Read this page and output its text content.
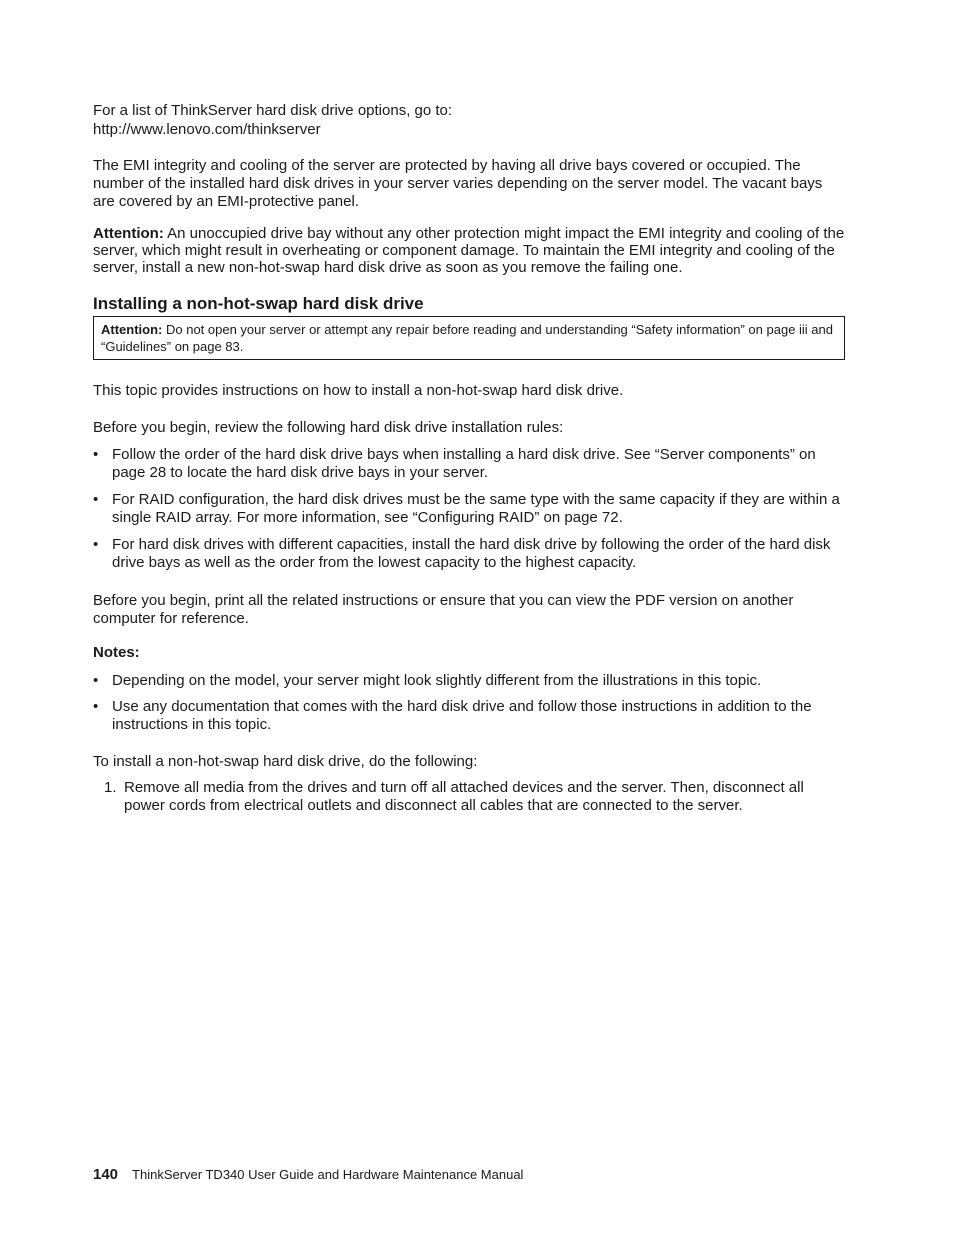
For a list of ThinkServer hard disk drive options, go to:

http://www.lenovo.com/thinkserver

The EMI integrity and cooling of the server are protected by having all drive bays covered or occupied. The number of the installed hard disk drives in your server varies depending on the server model. The vacant bays are covered by an EMI-protective panel.

Attention: An unoccupied drive bay without any other protection might impact the EMI integrity and cooling of the server, which might result in overheating or component damage. To maintain the EMI integrity and cooling of the server, install a new non-hot-swap hard disk drive as soon as you remove the failing one.

Installing a non-hot-swap hard disk drive
Attention: Do not open your server or attempt any repair before reading and understanding “Safety information” on page iii and “Guidelines” on page 83.

This topic provides instructions on how to install a non-hot-swap hard disk drive.

Before you begin, review the following hard disk drive installation rules:

• Follow the order of the hard disk drive bays when installing a hard disk drive. See “Server components” on page 28 to locate the hard disk drive bays in your server.
• For RAID configuration, the hard disk drives must be the same type with the same capacity if they are within a single RAID array. For more information, see “Configuring RAID” on page 72.
• For hard disk drives with different capacities, install the hard disk drive by following the order of the hard disk drive bays as well as the order from the lowest capacity to the highest capacity.

Before you begin, print all the related instructions or ensure that you can view the PDF version on another computer for reference.

Notes:

• Depending on the model, your server might look slightly different from the illustrations in this topic.
• Use any documentation that comes with the hard disk drive and follow those instructions in addition to the instructions in this topic.

To install a non-hot-swap hard disk drive, do the following:

1. Remove all media from the drives and turn off all attached devices and the server. Then, disconnect all power cords from electrical outlets and disconnect all cables that are connected to the server.
140 ThinkServer TD340 User Guide and Hardware Maintenance Manual
